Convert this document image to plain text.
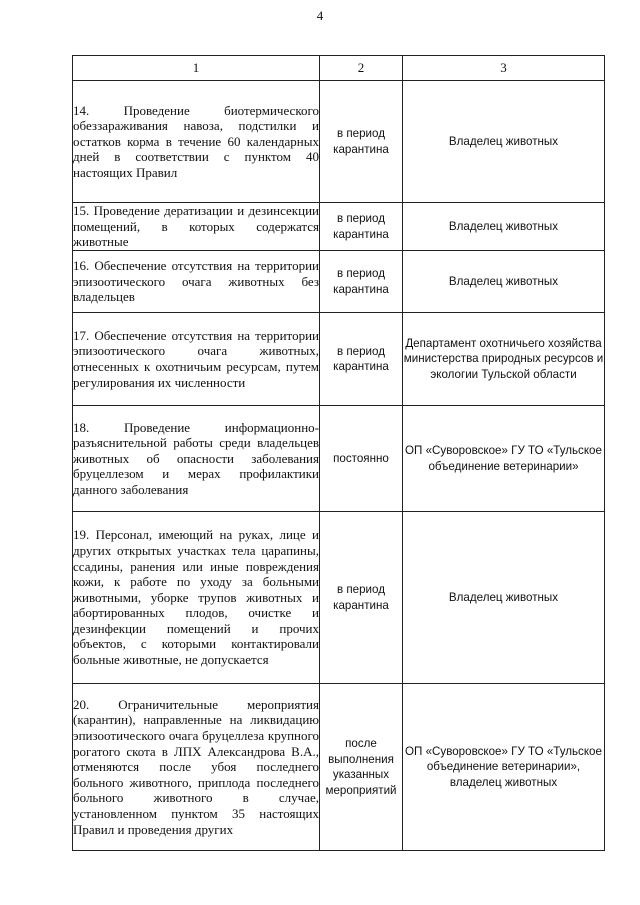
4
1	2	3
14. Проведение биотермического обеззараживания навоза, подстилки и остатков корма в течение 60 календарных дней в соответствии с пунктом 40 настоящих Правил	в период карантина	Владелец животных
15. Проведение дератизации и дезинсекции помещений, в которых содержатся животные	в период карантина	Владелец животных
16. Обеспечение отсутствия на территории эпизоотического очага животных без владельцев	в период карантина	Владелец животных
17. Обеспечение отсутствия на территории эпизоотического очага животных, отнесенных к охотничьим ресурсам, путем регулирования их численности	в период карантина	Департамент охотничьего хозяйства министерства природных ресурсов и экологии Тульской области
18. Проведение информационно-разъяснительной работы среди владельцев животных об опасности заболевания бруцеллезом и мерах профилактики данного заболевания	постоянно	ОП «Суворовское» ГУ ТО «Тульское объединение ветеринарии»
19. Персонал, имеющий на руках, лице и других открытых участках тела царапины, ссадины, ранения или иные повреждения кожи, к работе по уходу за больными животными, уборке трупов животных и абортированных плодов, очистке и дезинфекции помещений и прочих объектов, с которыми контактировали больные животные, не допускается	в период карантина	Владелец животных
20. Ограничительные мероприятия (карантин), направленные на ликвидацию эпизоотического очага бруцеллеза крупного рогатого скота в ЛПХ Александрова В.А., отменяются после убоя последнего больного животного, приплода последнего больного животного в случае, установленном пунктом 35 настоящих Правил и проведения других	после выполнения указанных мероприятий	ОП «Суворовское» ГУ ТО «Тульское объединение ветеринарии», владелец животных
